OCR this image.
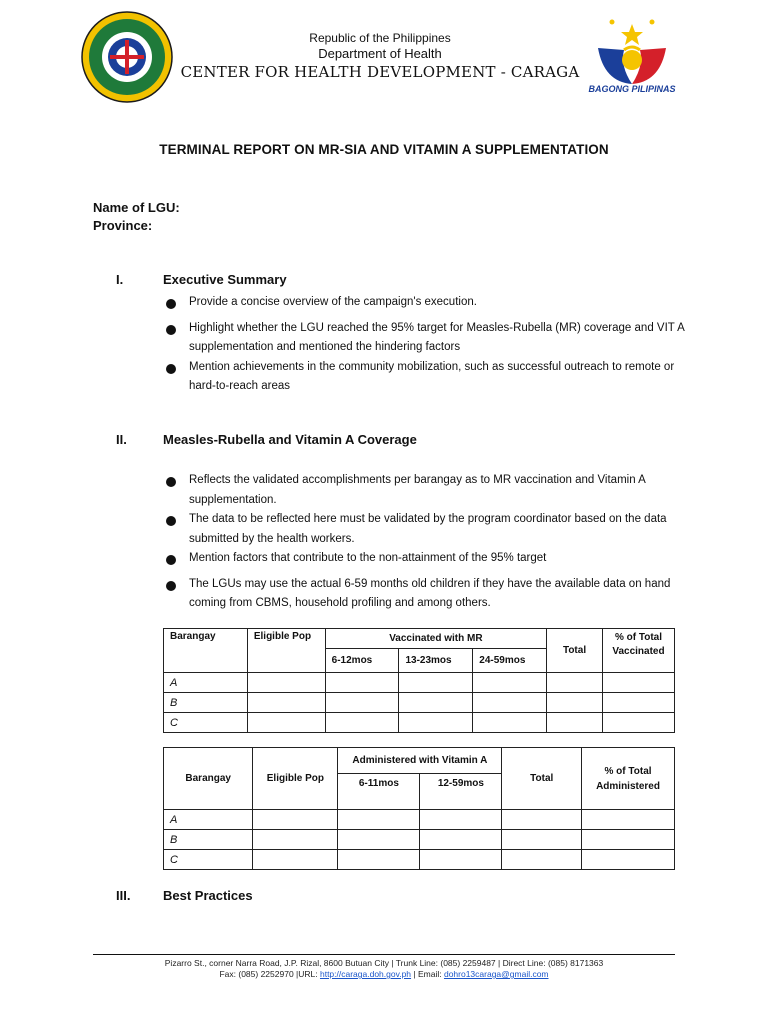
Republic of the Philippines
Department of Health
CENTER FOR HEALTH DEVELOPMENT - CARAGA
BAGONG PILIPINAS
TERMINAL REPORT ON MR-SIA AND VITAMIN A SUPPLEMENTATION
Name of LGU:
Province:
I.	Executive Summary
Provide a concise overview of the campaign's execution.
Highlight whether the LGU reached the 95% target for Measles-Rubella (MR) coverage and VIT A supplementation and mentioned the hindering factors
Mention achievements in the community mobilization, such as successful outreach to remote or hard-to-reach areas
II.	Measles-Rubella and Vitamin A Coverage
Reflects the validated accomplishments per barangay as to MR vaccination and Vitamin A supplementation.
The data to be reflected here must be validated by the program coordinator based on the data submitted by the health workers.
Mention factors that contribute to the non-attainment of the 95% target
The LGUs may use the actual 6-59 months old children if they have the available data on hand coming from CBMS, household profiling and among others.
Barangay	Eligible Pop	Vaccinated with MR			Total	% of Total Vaccinated
		6-12mos	13-23mos	24-59mos		
A						
B						
C						
Barangay	Eligible Pop	Administered with Vitamin A		Total	% of Total Administered
		6-11mos	12-59mos		
A					
B					
C					
III.	Best Practices
Pizarro St., corner Narra Road, J.P. Rizal, 8600 Butuan City | Trunk Line: (085) 2259487 | Direct Line: (085) 8171363
Fax: (085) 2252970 |URL: http://caraga.doh.gov.ph | Email: dohro13caraga@gmail.com
